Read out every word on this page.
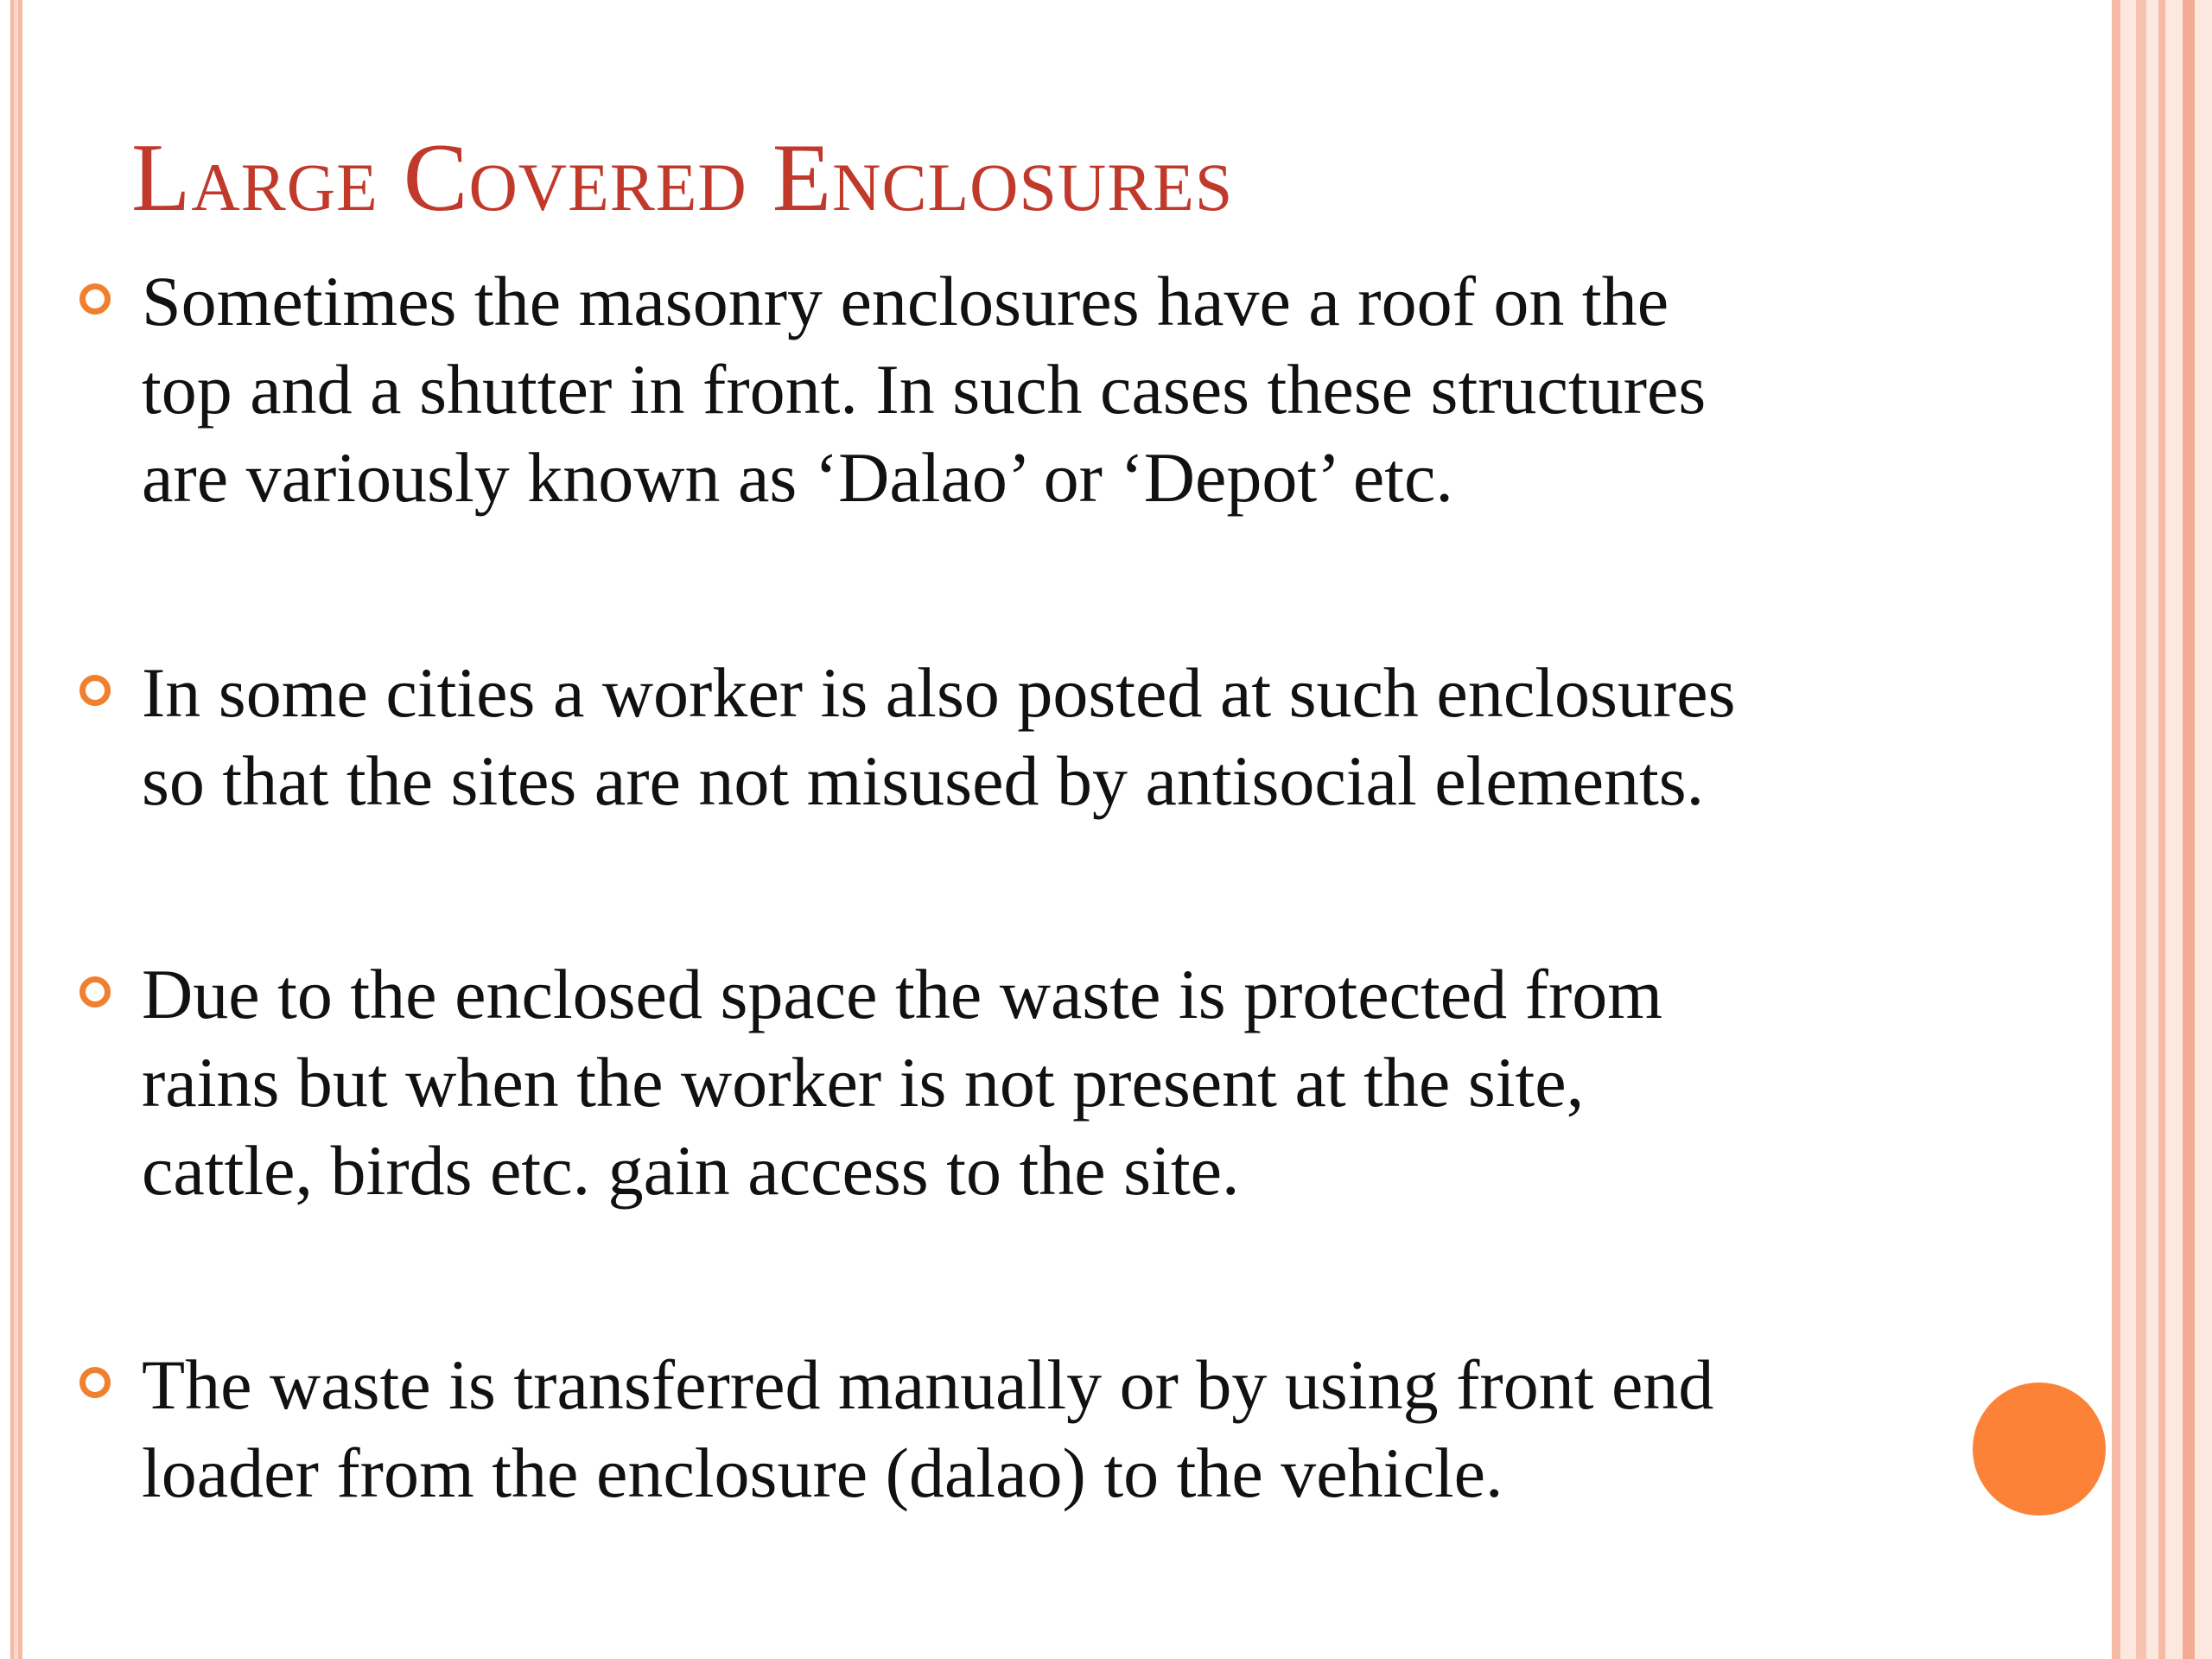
Large Covered Enclosures

Sometimes the masonry enclosures have a roof on the
top and a shutter in front. In such cases these structures
are variously known as ‘Dalao’ or ‘Depot’ etc.

In some cities a worker is also posted at such enclosures
so that the sites are not misused by antisocial elements.

Due to the enclosed space the waste is protected from
rains but when the worker is not present at the site,
cattle, birds etc. gain access to the site.

The waste is transferred manually or by using front end
loader from the enclosure (dalao) to the vehicle.
